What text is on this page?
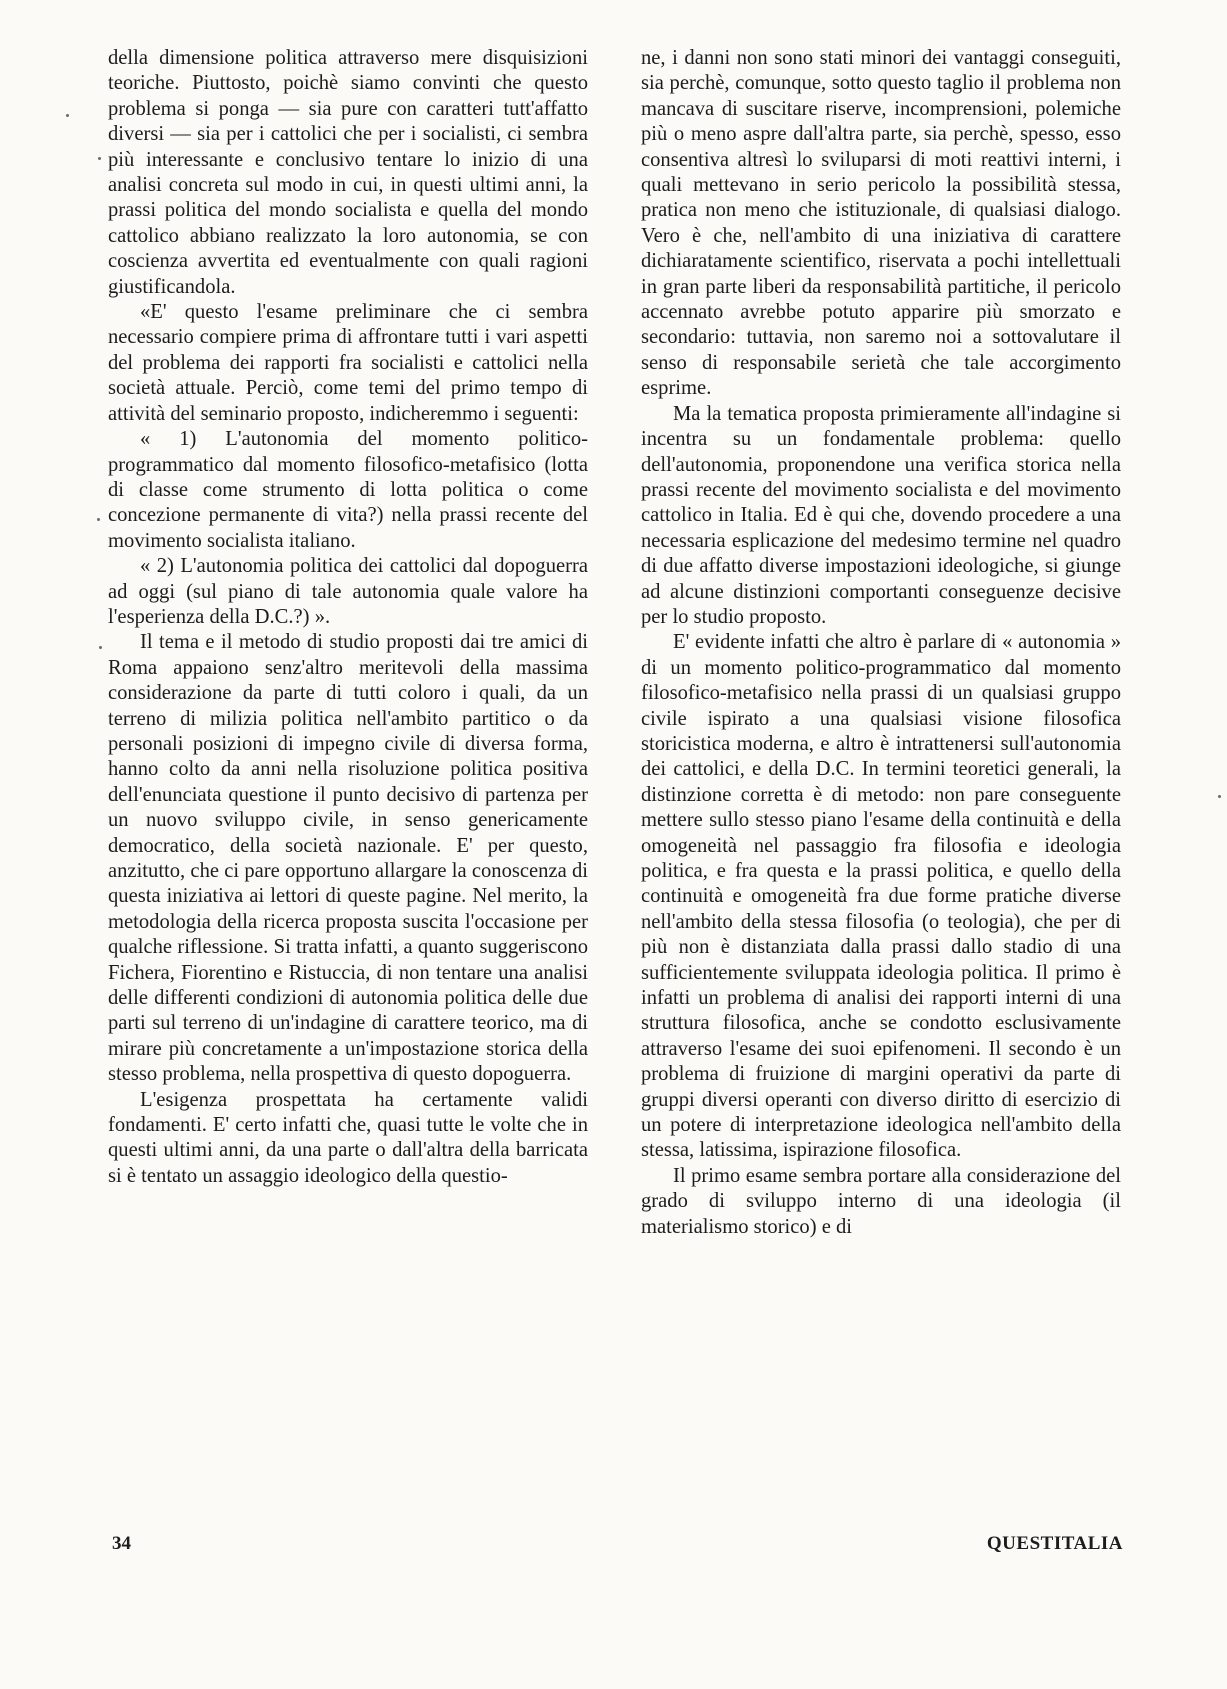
della dimensione politica attraverso mere disquisizioni teoriche. Piuttosto, poichè siamo convinti che questo problema si ponga — sia pure con caratteri tutt'affatto diversi — sia per i cattolici che per i socialisti, ci sembra più interessante e conclusivo tentare lo inizio di una analisi concreta sul modo in cui, in questi ultimi anni, la prassi politica del mondo socialista e quella del mondo cattolico abbiano realizzato la loro autonomia, se con coscienza avvertita ed eventualmente con quali ragioni giustificandola.

«E' questo l'esame preliminare che ci sembra necessario compiere prima di affrontare tutti i vari aspetti del problema dei rapporti fra socialisti e cattolici nella società attuale. Perciò, come temi del primo tempo di attività del seminario proposto, indicheremmo i seguenti:

« 1) L'autonomia del momento politico-programmatico dal momento filosofico-metafisico (lotta di classe come strumento di lotta politica o come concezione permanente di vita?) nella prassi recente del movimento socialista italiano.

« 2) L'autonomia politica dei cattolici dal dopoguerra ad oggi (sul piano di tale autonomia quale valore ha l'esperienza della D.C.?) ».

Il tema e il metodo di studio proposti dai tre amici di Roma appaiono senz'altro meritevoli della massima considerazione da parte di tutti coloro i quali, da un terreno di milizia politica nell'ambito partitico o da personali posizioni di impegno civile di diversa forma, hanno colto da anni nella risoluzione politica positiva dell'enunciata questione il punto decisivo di partenza per un nuovo sviluppo civile, in senso genericamente democratico, della società nazionale. E' per questo, anzitutto, che ci pare opportuno allargare la conoscenza di questa iniziativa ai lettori di queste pagine. Nel merito, la metodologia della ricerca proposta suscita l'occasione per qualche riflessione. Si tratta infatti, a quanto suggeriscono Fichera, Fiorentino e Ristuccia, di non tentare una analisi delle differenti condizioni di autonomia politica delle due parti sul terreno di un'indagine di carattere teorico, ma di mirare più concretamente a un'impostazione storica della stesso problema, nella prospettiva di questo dopoguerra.

L'esigenza prospettata ha certamente validi fondamenti. E' certo infatti che, quasi tutte le volte che in questi ultimi anni, da una parte o dall'altra della barricata si è tentato un assaggio ideologico della questio-

ne, i danni non sono stati minori dei vantaggi conseguiti, sia perchè, comunque, sotto questo taglio il problema non mancava di suscitare riserve, incomprensioni, polemiche più o meno aspre dall'altra parte, sia perchè, spesso, esso consentiva altresì lo sviluparsi di moti reattivi interni, i quali mettevano in serio pericolo la possibilità stessa, pratica non meno che istituzionale, di qualsiasi dialogo. Vero è che, nell'ambito di una iniziativa di carattere dichiaratamente scientifico, riservata a pochi intellettuali in gran parte liberi da responsabilità partitiche, il pericolo accennato avrebbe potuto apparire più smorzato e secondario: tuttavia, non saremo noi a sottovalutare il senso di responsabile serietà che tale accorgimento esprime.

Ma la tematica proposta primieramente all'indagine si incentra su un fondamentale problema: quello dell'autonomia, proponendone una verifica storica nella prassi recente del movimento socialista e del movimento cattolico in Italia. Ed è qui che, dovendo procedere a una necessaria esplicazione del medesimo termine nel quadro di due affatto diverse impostazioni ideologiche, si giunge ad alcune distinzioni comportanti conseguenze decisive per lo studio proposto.

E' evidente infatti che altro è parlare di « autonomia » di un momento politico-programmatico dal momento filosofico-metafisico nella prassi di un qualsiasi gruppo civile ispirato a una qualsiasi visione filosofica storicistica moderna, e altro è intrattenersi sull'autonomia dei cattolici, e della D.C. In termini teoretici generali, la distinzione corretta è di metodo: non pare conseguente mettere sullo stesso piano l'esame della continuità e della omogeneità nel passaggio fra filosofia e ideologia politica, e fra questa e la prassi politica, e quello della continuità e omogeneità fra due forme pratiche diverse nell'ambito della stessa filosofia (o teologia), che per di più non è distanziata dalla prassi dallo stadio di una sufficientemente sviluppata ideologia politica. Il primo è infatti un problema di analisi dei rapporti interni di una struttura filosofica, anche se condotto esclusivamente attraverso l'esame dei suoi epifenomeni. Il secondo è un problema di fruizione di margini operativi da parte di gruppi diversi operanti con diverso diritto di esercizio di un potere di interpretazione ideologica nell'ambito della stessa, latissima, ispirazione filosofica.

Il primo esame sembra portare alla considerazione del grado di sviluppo interno di una ideologia (il materialismo storico) e di

34	QUESTITALIA
